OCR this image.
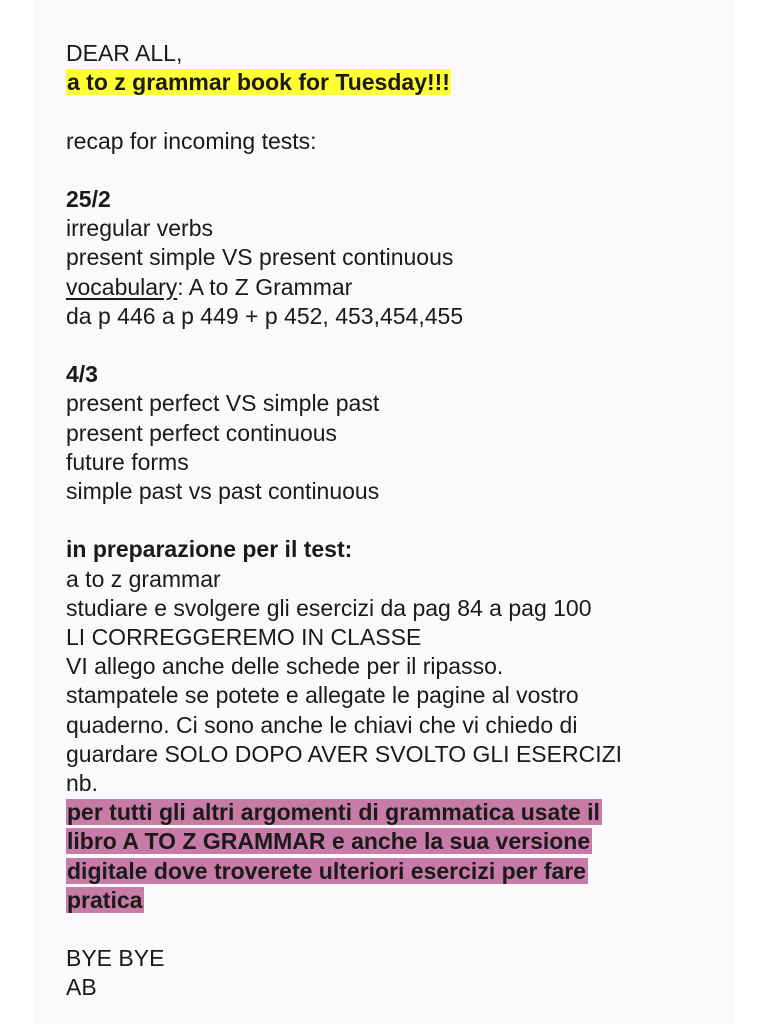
DEAR ALL,
a to z grammar book for Tuesday!!!
recap for incoming tests:
25/2
irregular verbs
present simple VS present continuous
vocabulary: A to Z Grammar
da p 446 a p 449 + p 452, 453,454,455
4/3
present perfect VS simple past
present perfect continuous
future forms
simple past vs past continuous
in preparazione per il test:
a to z grammar
studiare e svolgere gli esercizi da pag 84 a pag 100
LI CORREGGEREMO IN CLASSE
VI allego anche delle schede per il ripasso.
stampatele se potete e allegate le pagine al vostro
quaderno. Ci sono anche le chiavi che vi chiedo di
guardare SOLO DOPO AVER SVOLTO GLI ESERCIZI
nb.
per tutti gli altri argomenti di grammatica usate il
libro A TO Z GRAMMAR e anche la sua versione
digitale dove troverete ulteriori esercizi per fare
pratica
BYE BYE
AB
